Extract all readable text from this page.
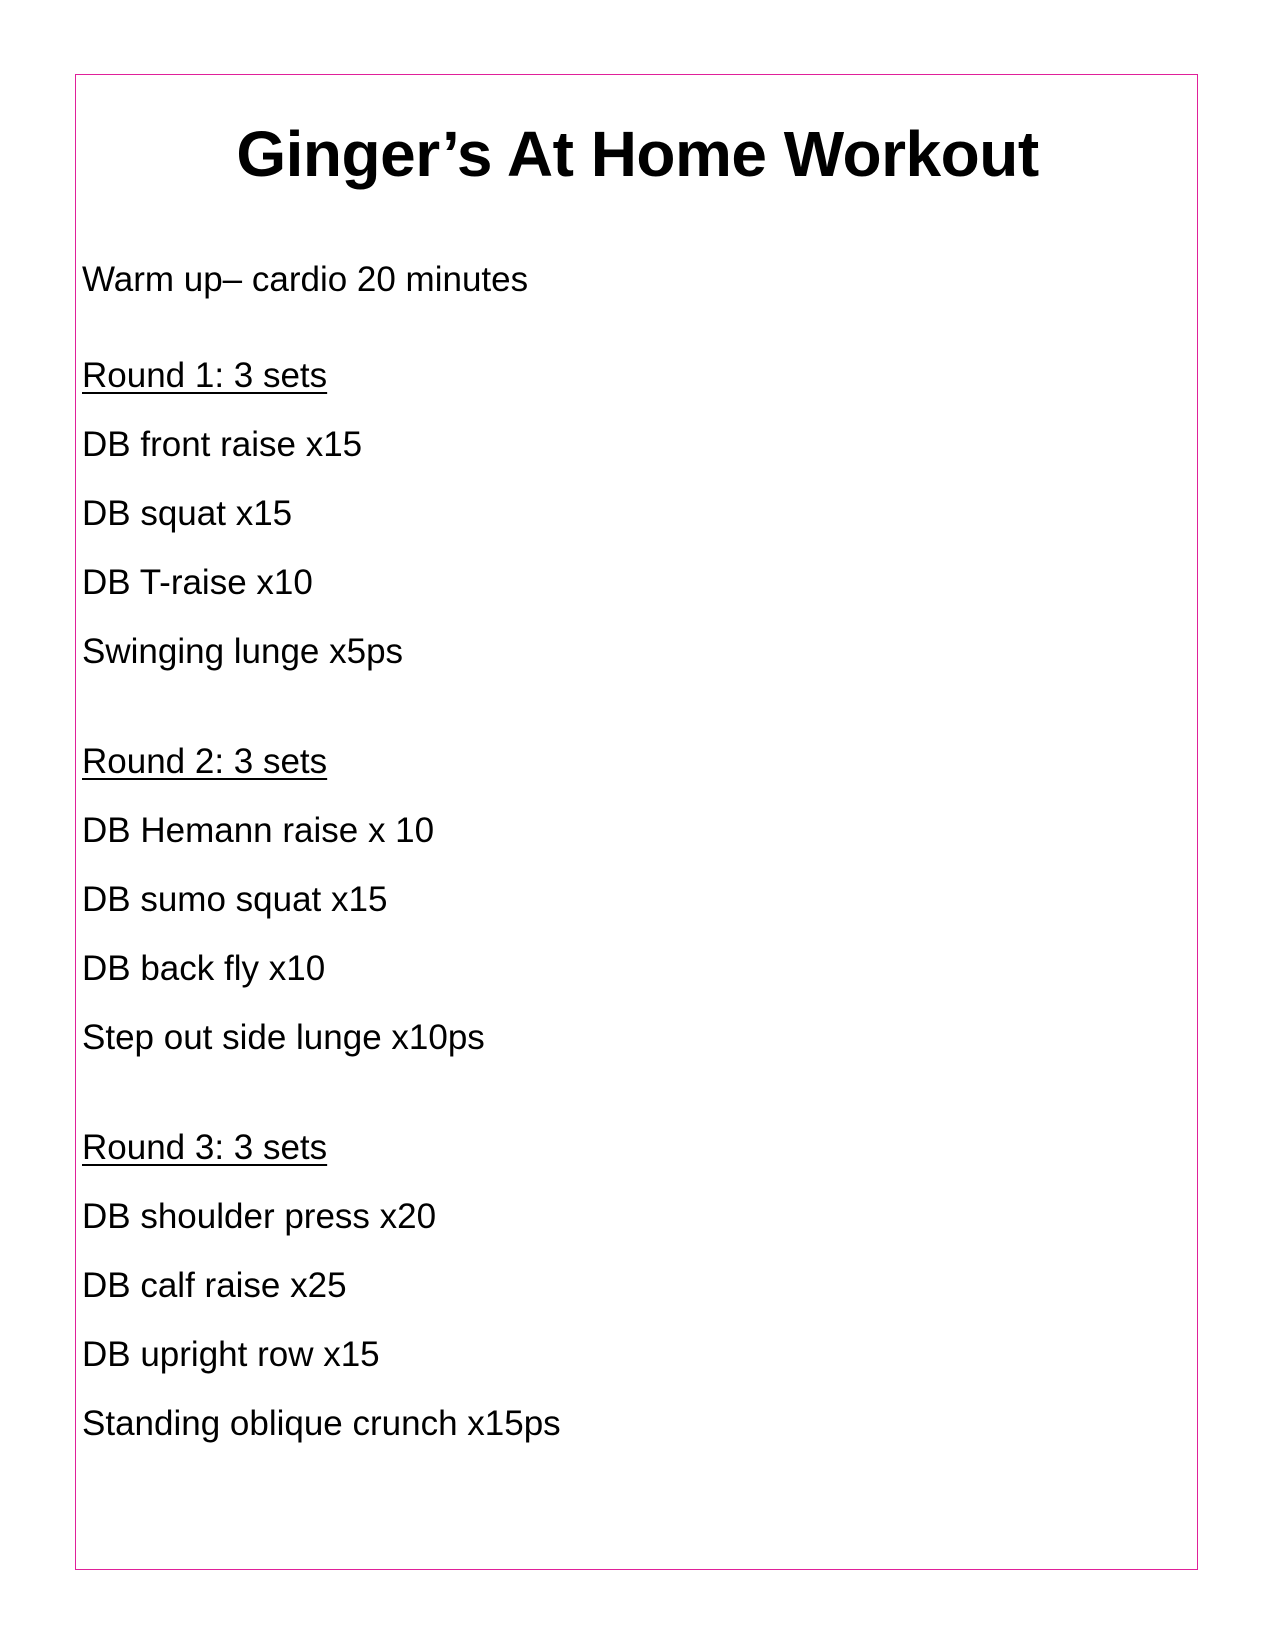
Ginger’s At Home Workout
Warm up– cardio 20 minutes
Round 1: 3 sets
DB front raise x15
DB squat x15
DB T-raise x10
Swinging lunge x5ps
Round 2: 3 sets
DB Hemann raise x 10
DB sumo squat x15
DB back fly x10
Step out side lunge x10ps
Round 3: 3 sets
DB shoulder press x20
DB calf raise x25
DB upright row x15
Standing oblique crunch x15ps
